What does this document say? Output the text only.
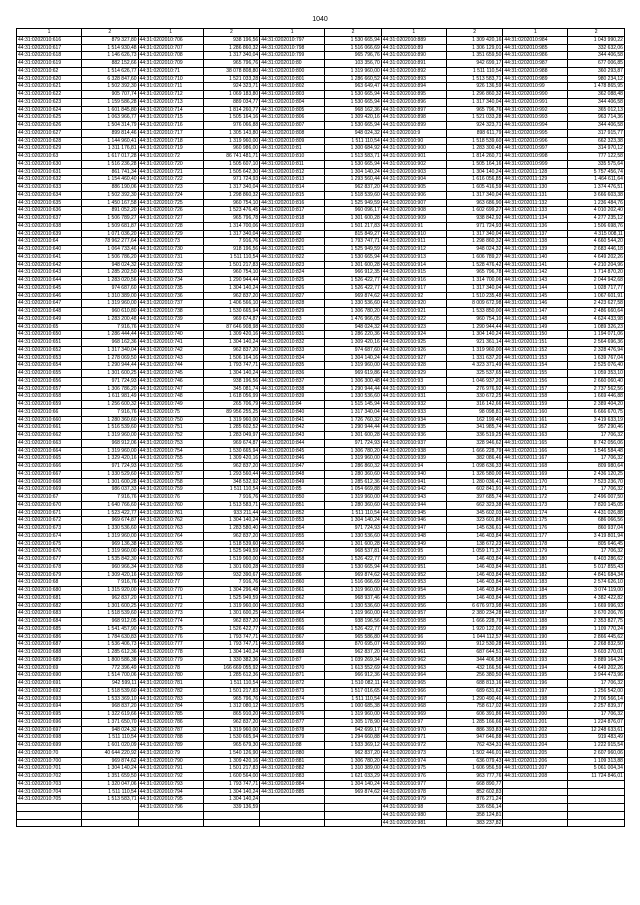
1040
1	2	1	2	1	2	1	2	1	2
44:31:0202010:616	879 327,80	44:31:0202010:706	938 196,56	44:31:0202010:797	1 530 665,94	44:31:0202010:889	1 309 420,16	44:31:0202010:984	1 043 990,22
44:31:0202010:617	1 514 930,48	44:31:0202010:707	1 286 860,32	44:31:0202010:798	1 516 066,69	44:31:0202010:89	1 306 129,01	44:31:0202010:985	332 632,06
44:31:0202010:618	1 146 626,73	44:31:0202010:708	1 317 340,04	44:31:0202010:799	965 796,76	44:31:0202010:890	1 351 659,50	44:31:0202010:986	344 406,58
44:31:0202010:619	882 152,66	44:31:0202010:709	965 796,76	44:31:0202010:80	103 356,70	44:31:0202010:891	942 699,17	44:31:0202010:987	677 006,85
44:31:0202010:62	1 514 626,77	44:31:0202010:71	38 078 808,80	44:31:0202010:800	1 319 960,00	44:31:0202010:892	1 511 110,54	44:31:0202010:988	360 293,87
44:31:0202010:620	6 328 847,60	44:31:0202010:710	1 521 033,28	44:31:0202010:801	1 286 660,52	44:31:0202010:893	1 513 583,71	44:31:0202010:989	980 234,12
44:31:0202010:621	1 502 392,30	44:31:0202010:711	924 323,71	44:31:0202010:802	963 649,47	44:31:0202010:894	926 136,59	44:31:0202010:99	1 478 865,95
44:31:0202010:622	905 707,74	44:31:0202010:712	1 069 183,80	44:31:0202010:803	1 530 665,94	44:31:0202010:895	1 296 860,32	44:31:0202010:990	362 088,48
44:31:0202010:623	1 159 586,28	44:31:0202010:713	889 034,77	44:31:0202010:804	1 530 665,94	44:31:0202010:896	1 317 340,04	44:31:0202010:991	344 406,58
44:31:0202010:624	1 601 845,80	44:31:0202010:714	1 814 260,77	44:31:0202010:805	968 162,36	44:31:0202010:897	965 796,76	44:31:0202010:992	365 012,13
44:31:0202010:625	1 063 966,77	44:31:0202010:715	1 505 164,16	44:31:0202010:806	1 309 420,16	44:31:0202010:898	1 521 033,28	44:31:0202010:993	963 714,36
44:31:0202010:626	1 504 314,79	44:31:0202010:716	976 066,88	44:31:0202010:807	1 530 665,94	44:31:0202010:899	924 323,71	44:31:0202010:994	344 406,58
44:31:0202010:627	899 814,46	44:31:0202010:717	1 305 143,80	44:31:0202010:808	948 024,32	44:31:0202010:9	898 611,79	44:31:0202010:995	317 915,77
44:31:0202010:628	1 144 960,41	44:31:0202010:718	1 319 960,00	44:31:0202010:809	1 511 110,54	44:31:0202010:90	1 518 539,60	44:31:0202010:996	662 323,38
44:31:0202010:629	1 311 176,81	44:31:0202010:719	960 986,00	44:31:0202010:81	1 300 684,92	44:31:0202010:900	1 283 300,48	44:31:0202010:997	314 970,12
44:31:0202010:63	1 617 017,28	44:31:0202010:72	86 741 481,71	44:31:0202010:810	1 513 583,71	44:31:0202010:901	1 814 260,71	44:31:0202010:998	777 122,58
44:31:0202010:630	1 516 236,28	44:31:0202010:720	1 505 607,10	44:31:0202010:811	1 530 665,94	44:31:0202010:902	1 505 164,16	44:31:0202010:999	335 575,64
44:31:0202010:631	861 741,34	44:31:0202010:721	1 505 642,30	44:31:0202010:812	1 304 140,24	44:31:0202010:903	1 304 140,24	44:31:0202011:128	5 757 456,74
44:31:0202010:632	1 154 460,40	44:31:0202010:722	971 724,93	44:31:0202010:813	1 293 560,44	44:31:0202010:904	1 616 056,85	44:31:0202011:129	1 464 611,64
44:31:0202010:633	886 190,06	44:31:0202010:723	1 317 340,04	44:31:0202010:814	962 837,20	44:31:0202010:905	1 605 416,59	44:31:0202011:130	1 374 476,51
44:31:0202010:634	1 502 392,30	44:31:0202010:724	1 298 860,32	44:31:0202010:815	1 518 539,60	44:31:0202010:906	1 317 340,04	44:31:0202011:131	3 666 603,38
44:31:0202010:635	1 450 167,58	44:31:0202010:725	960 754,10	44:31:0202010:816	1 525 949,59	44:31:0202010:907	963 686,90	44:31:0202011:132	1 236 484,76
44:31:0202010:636	891 052,20	44:31:0202010:726	1 523 476,45	44:31:0202010:817	960 096,17	44:31:0202010:908	1 602 699,27	44:31:0202011:133	4 010 202,40
44:31:0202010:637	1 506 789,27	44:31:0202010:727	965 796,78	44:31:0202010:818	1 301 600,28	44:31:0202010:909	938 842,92	44:31:0202011:134	4 277 235,12
44:31:0202010:638	1 509 681,87	44:31:0202010:728	1 314 700,06	44:31:0202010:819	1 501 217,83	44:31:0202010:91	971 724,93	44:31:0202011:136	1 506 698,76
44:31:0202010:639	1 071 036,20	44:31:0202010:729	1 317 340,04	44:31:0202010:82	815 849,27	44:31:0202010:910	1 317 340,04	44:31:0202011:137	4 315 008,11
44:31:0202010:64	78 962 277,64	44:31:0202010:73	7 916,76	44:31:0202010:820	1 793 747,71	44:31:0202010:911	1 298 860,32	44:31:0202011:138	4 660 544,20
44:31:0202010:640	1 064 733,46	44:31:0202010:730	918 196,56	44:31:0202010:821	1 525 949,59	44:31:0202010:912	948 024,32	44:31:0202011:139	2 683 446,18
44:31:0202010:641	1 506 786,20	44:31:0202010:731	1 511 110,54	44:31:0202010:822	1 530 665,94	44:31:0202010:913	1 606 789,27	44:31:0202011:140	4 649 202,26
44:31:0202010:642	948 024,32	44:31:0202010:732	1 501 217,83	44:31:0202010:823	1 301 600,28	44:31:0202010:914	1 528 476,42	44:31:0202011:141	4 210 204,96
44:31:0202010:643	1 285 202,50	44:31:0202010:733	960 754,10	44:31:0202010:824	966 912,35	44:31:0202010:915	965 796,78	44:31:0202011:142	1 714 870,20
44:31:0202010:644	1 283 020,56	44:31:0202010:734	1 290 944,44	44:31:0202010:825	1 526 422,77	44:31:0202010:916	1 314 700,06	44:31:0202011:143	2 044 942,68
44:31:0202010:645	974 687,60	44:31:0202010:735	1 304 140,24	44:31:0202010:826	1 526 422,77	44:31:0202010:917	1 317 340,04	44:31:0202011:144	1 028 717,77
44:31:0202010:646	1 310 389,00	44:31:0202010:736	962 837,20	44:31:0202010:827	969 874,62	44:31:0202010:92	1 510 235,48	44:31:0202011:145	1 067 601,91
44:31:0202010:647	1 319 960,00	44:31:0202010:737	1 406 566,10	44:31:0202010:828	1 330 536,60	44:31:0202010:920	8 009 672,98	44:31:0202011:146	2 423 627,58
44:31:0202010:648	960 610,80	44:31:0202010:738	1 530 665,94	44:31:0202010:829	1 306 780,20	44:31:0202010:921	1 533 850,00	44:31:0202011:147	2 486 660,64
44:31:0202010:649	1 283 200,48	44:31:0202010:739	969 674,87	44:31:0202010:83	1 476 966,05	44:31:0202010:922	960 754,10	44:31:0202011:148	4 624 433,98
44:31:0202010:65	7 916,76	44:31:0202010:74	87 646 908,98	44:31:0202010:830	948 024,32	44:31:0202010:923	1 290 944,44	44:31:0202011:149	1 089 326,23
44:31:0202010:650	1 286 444,44	44:31:0202010:740	1 309 420,16	44:31:0202010:831	1 286 220,36	44:31:0202010:924	1 304 140,24	44:31:0202011:150	1 194 071,06
44:31:0202010:651	968 162,36	44:31:0202010:741	1 304 140,24	44:31:0202010:832	1 309 420,16	44:31:0202010:925	921 361,14	44:31:0202011:151	2 564 696,36
44:31:0202010:652	1 317 340,04	44:31:0202010:742	962 837,20	44:31:0202010:833	974 687,60	44:31:0202010:926	1 319 960,00	44:31:0202011:152	2 328 476,94
44:31:0202010:653	1 278 069,50	44:31:0202010:743	1 506 164,16	44:31:0202010:834	1 304 140,24	44:31:0202010:927	1 331 637,20	44:31:0202011:153	1 639 767,04
44:31:0202010:654	1 290 944,44	44:31:0202010:744	1 793 747,71	44:31:0202010:835	1 319 960,00	44:31:0202010:928	4 323 371,49	44:31:0202011:154	2 525 076,40
44:31:0202010:655	1 301 600,25	44:31:0202010:745	1 304 140,24	44:31:0202010:836	969 619,86	44:31:0202010:929	325 537,65	44:31:0202011:155	1 059 353,10
44:31:0202010:656	971 724,93	44:31:0202010:746	938 196,56	44:31:0202010:837	1 306 300,48	44:31:0202010:93	1 046 937,20	44:31:0202011:156	2 660 060,40
44:31:0202010:657	1 306 786,20	44:31:0202010:747	345 081,74	44:31:0202010:838	1 290 944,44	44:31:0202010:930	276 976,92	44:31:0202011:157	2 737 562,56
44:31:0202010:658	1 611 981,49	44:31:0202010:748	1 618 056,99	44:31:0202010:839	1 330 536,60	44:31:0202010:931	330 672,25	44:31:0202011:158	1 669 446,88
44:31:0202010:659	1 256 600,32	44:31:0202010:749	265 706,79	44:31:0202010:84	1 515 145,94	44:31:0202010:932	316 142,66	44:31:0202011:159	2 389 404,20
44:31:0202010:66	7 916,76	44:31:0202010:75	89 956 255,25	44:31:0202010:840	1 317 340,04	44:31:0202010:933	98 098,81	44:31:0202011:160	6 666 670,75
44:31:0202010:660	1 280 360,60	44:31:0202010:750	1 319 960,00	44:31:0202010:841	1 726 760,32	44:31:0202010:934	162 199,40	44:31:0202011:161	3 419 633,19
44:31:0202010:661	1 516 539,60	44:31:0202010:751	1 285 602,52	44:31:0202010:842	1 290 944,44	44:31:0202010:935	341 985,74	44:31:0202011:162	957 290,46
44:31:0202010:662	1 319 960,00	44:31:0202010:752	1 283 049,97	44:31:0202010:843	1 301 600,28	44:31:0202010:936	336 519,25	44:31:0202011:163	17 706,32
44:31:0202010:663	968 912,06	44:31:0202010:753	969 674,87	44:31:0202010:844	971 724,93	44:31:0202010:937	328 946,62	44:31:0202011:165	8 742 056,06
44:31:0202010:664	1 319 960,00	44:31:0202010:754	1 530 665,94	44:31:0202010:845	1 306 780,20	44:31:0202010:938	1 666 228,79	44:31:0202011:166	1 546 584,48
44:31:0202010:665	1 329 420,16	44:31:0202010:755	1 309 420,16	44:31:0202010:846	1 319 960,00	44:31:0202010:939	382 086,46	44:31:0202011:167	17 706,32
44:31:0202010:666	971 724,93	44:31:0202010:756	962 837,20	44:31:0202010:847	1 286 860,32	44:31:0202010:94	1 098 636,33	44:31:0202011:168	809 980,64
44:31:0202010:667	1 330 529,60	44:31:0202010:757	1 293 560,44	44:31:0202010:848	1 280 360,60	44:31:0202010:940	1 326 580,00	44:31:0202011:169	2 436 120,25
44:31:0202010:668	1 301 600,28	44:31:0202010:758	348 532,92	44:31:0202010:849	1 285 612,36	44:31:0202010:941	1 280 036,41	44:31:0202011:170	7 523 236,70
44:31:0202010:669	986 037,33	44:31:0202010:759	1 511 110,54	44:31:0202010:85	1 054 669,88	44:31:0202010:942	602 841,91	44:31:0202011:171	17 706,32
44:31:0202010:67	7 916,76	44:31:0202010:76	7 916,76	44:31:0202010:850	1 319 960,00	44:31:0202010:943	397 685,74	44:31:0202011:172	2 496 007,50
44:31:0202010:670	1 640 766,60	44:31:0202010:760	1 513 583,71	44:31:0202010:851	1 280 360,60	44:31:0202010:944	662 323,38	44:31:0202011:173	7 820 145,05
44:31:0202010:671	1 523 422,77	44:31:0202010:761	933 211,44	44:31:0202010:852	1 511 110,54	44:31:0202010:945	345 602,03	44:31:0202011:174	4 431 026,88
44:31:0202010:672	969 674,87	44:31:0202010:762	1 304 140,24	44:31:0202010:853	1 304 140,24	44:31:0202010:946	323 601,86	44:31:0202011:175	686 066,56
44:31:0202010:673	1 330 536,60	44:31:0202010:763	1 283 580,40	44:31:0202010:854	971 724,93	44:31:0202010:947	145 636,61	44:31:0202011:176	860 937,04
44:31:0202010:674	1 319 960,00	44:31:0202010:764	962 837,20	44:31:0202010:855	1 330 536,60	44:31:0202010:948	146 403,84	44:31:0202011:177	3 419 801,94
44:31:0202010:675	969 136,38	44:31:0202010:765	1 518 539,60	44:31:0202010:856	1 301 600,28	44:31:0202010:949	138 672,23	44:31:0202011:178	805 646,45
44:31:0202010:676	1 319 960,00	44:31:0202010:766	1 525 949,59	44:31:0202010:857	968 537,81	44:31:0202010:95	1 059 171,37	44:31:0202011:179	17 706,32
44:31:0202010:677	1 535 842,30	44:31:0202010:767	1 519 960,00	44:31:0202010:858	1 526 422,77	44:31:0202010:950	146 403,84	44:31:0202011:180	6 403 286,62
44:31:0202010:678	960 966,34	44:31:0202010:768	1 301 600,28	44:31:0202010:859	1 530 665,94	44:31:0202010:951	146 403,84	44:31:0202011:181	5 017 855,43
44:31:0202010:679	1 309 420,16	44:31:0202010:769	932 390,67	44:31:0202010:86	969 874,62	44:31:0202010:952	146 403,84	44:31:0202011:182	4 841 684,34
44:31:0202010:68	7 916,76	44:31:0202010:77	7 916,76	44:31:0202010:860	1 516 066,69	44:31:0202010:953	146 403,84	44:31:0202011:183	2 574 626,10
44:31:0202010:680	1 315 920,00	44:31:0202010:770	1 304 296,48	44:31:0202010:861	1 319 960,00	44:31:0202010:954	146 403,84	44:31:0202011:184	3 074 119,00
44:31:0202010:681	962 837,20	44:31:0202010:771	1 525 949,59	44:31:0202010:862	968 937,46	44:31:0202010:955	146 403,84	44:31:0202011:185	4 382 422,82
44:31:0202010:682	1 301 600,25	44:31:0202010:772	1 319 960,00	44:31:0202010:863	1 330 536,60	44:31:0202010:956	6 676 973,98	44:31:0202011:186	1 669 996,93
44:31:0202010:683	1 518 539,60	44:31:0202010:773	1 301 600,25	44:31:0202010:864	1 319 960,00	44:31:0202010:957	2 380 234,28	44:31:0202011:187	3 670 206,76
44:31:0202010:684	968 912,05	44:31:0202010:774	962 837,20	44:31:0202010:865	938 196,56	44:31:0202010:958	1 666 228,79	44:31:0202011:188	2 353 827,75
44:31:0202010:685	1 541 457,90	44:31:0202010:775	1 526 422,77	44:31:0202010:866	1 526 422,77	44:31:0202010:959	1 920 122,00	44:31:0202011:189	1 109 770,24
44:31:0202010:686	1 784 630,83	44:31:0202010:776	1 793 747,71	44:31:0202010:867	965 586,80	44:31:0202010:96	1 044 112,57	44:31:0202011:190	2 866 445,62
44:31:0202010:687	1 536 406,73	44:31:0202010:777	1 793 747,71	44:31:0202010:868	870 695,07	44:31:0202010:960	912 530,28	44:31:0202011:191	2 268 832,50
44:31:0202010:688	1 285 612,36	44:31:0202010:778	1 304 140,24	44:31:0202010:869	962 837,20	44:31:0202010:961	687 644,51	44:31:0202011:192	3 603 270,01
44:31:0202010:689	1 800 586,38	44:31:0202010:779	1 330 382,36	44:31:0202010:87	1 039 269,34	44:31:0202010:962	344 406,58	44:31:0202011:193	3 889 164,24
44:31:0202010:69	772 396,49	44:31:0202010:78	166 669 055,92	44:31:0202010:870	1 613 552,69	44:31:0202010:963	432 166,56	44:31:0202011:194	4 649 202,26
44:31:0202010:690	1 514 700,06	44:31:0202010:780	1 285 612,36	44:31:0202010:871	966 912,36	44:31:0202010:964	256 380,50	44:31:0202011:195	3 944 473,96
44:31:0202010:691	942 599,11	44:31:0202010:781	1 511 110,54	44:31:0202010:872	1 510 082,11	44:31:0202010:965	688 813,16	44:31:0202011:196	17 706,32
44:31:0202010:692	1 518 539,60	44:31:0202010:782	1 501 217,83	44:31:0202010:873	1 517 016,65	44:31:0202010:966	689 631,62	44:31:0202011:197	1 256 542,00
44:31:0202010:693	1 533 369,10	44:31:0202010:783	965 796,76	44:31:0202010:874	1 511 110,54	44:31:0202010:967	1 290 490,46	44:31:0202011:198	2 706 566,14
44:31:0202010:694	968 837,20	44:31:0202010:784	1 312 080,12	44:31:0202010:875	1 000 685,38	44:31:0202010:968	758 617,02	44:31:0202011:199	2 257 839,37
44:31:0202010:695	1 322 619,66	44:31:0202010:785	865 910,20	44:31:0202010:876	1 319 960,00	44:31:0202010:969	606 391,86	44:31:0202011:200	17 706,32
44:31:0202010:696	1 371 650,70	44:31:0202010:786	962 837,20	44:31:0202010:877	1 305 178,90	44:31:0202010:97	1 285 166,66	44:31:0202011:201	1 224 876,07
44:31:0202010:697	948 024,32	44:31:0202010:787	1 319 960,00	44:31:0202010:878	942 699,17	44:31:0202010:970	886 393,83	44:31:0202011:202	12 248 633,61
44:31:0202010:698	1 511 110,54	44:31:0202010:788	1 530 665,94	44:31:0202010:879	1 294 660,88	44:31:0202010:971	947 646,88	44:31:0202011:203	919 483,49
44:31:0202010:699	1 601 020,09	44:31:0202010:789	965 679,30	44:31:0202010:88	1 533 369,12	44:31:0202010:972	762 434,31	44:31:0202011:204	1 222 915,54
44:31:0202010:70	40 644 220,92	44:31:0202010:79	1 540 126,90	44:31:0202010:880	962 837,20	44:31:0202010:973	1 502 446,01	44:31:0202011:205	2 607 960,06
44:31:0202010:700	969 874,62	44:31:0202010:790	1 309 420,16	44:31:0202010:881	1 306 780,20	44:31:0202010:974	636 079,43	44:31:0202011:206	1 109 313,88
44:31:0202010:701	1 304 140,24	44:31:0202010:791	1 501 217,83	44:31:0202010:882	1 310 389,00	44:31:0202010:975	1 606 956,59	44:31:0202011:207	5 061 004,34
44:31:0202010:702	1 351 659,50	44:31:0202010:792	1 600 564,00	44:31:0202010:883	1 621 033,29	44:31:0202010:976	963 777,76	44:31:0202011:208	11 724 846,01
44:31:0202010:703	1 320 047,06	44:31:0202010:793	1 793 747,71	44:31:0202010:884	1 304 140,24	44:31:0202010:977	668 890,77		
44:31:0202010:704	1 511 110,54	44:31:0202010:794	1 304 140,24	44:31:0202010:885	969 874,62	44:31:0202010:978	852 602,83		
44:31:0202010:705	1 513 583,71	44:31:0202010:795	1 304 140,24			44:31:0202010:979	876 271,24		
		44:31:0202010:796	339 136,59			44:31:0202010:98	326 656,14		
						44:31:0202010:980	358 124,81		
						44:31:0202010:981	383 237,82		
